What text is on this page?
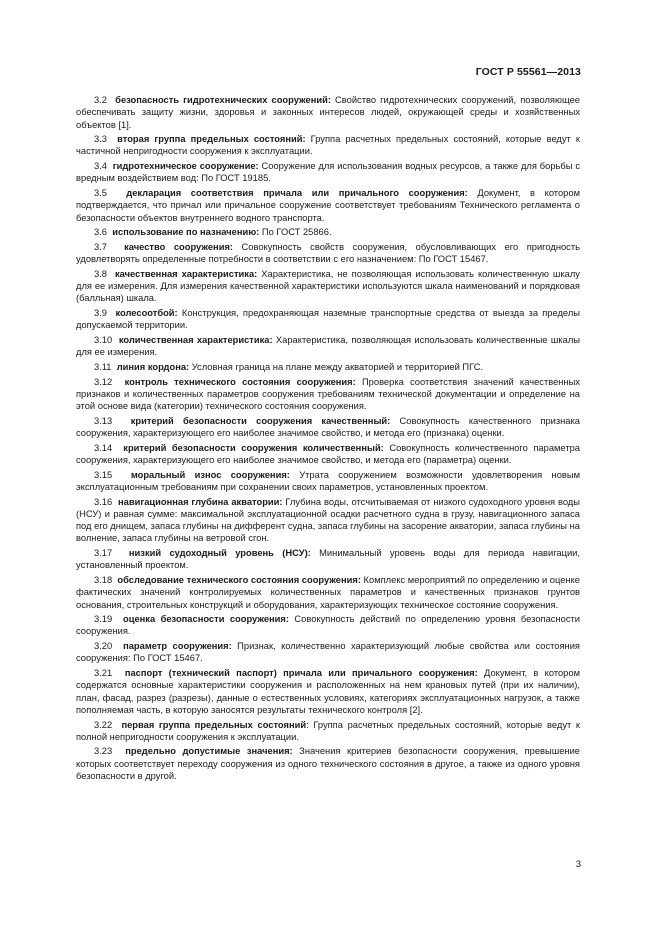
ГОСТ Р 55561—2013

3.2 безопасность гидротехнических сооружений: Свойство гидротехнических сооружений, позволяющее обеспечивать защиту жизни, здоровья и законных интересов людей, окружающей среды и хозяйственных объектов [1].

3.3 вторая группа предельных состояний: Группа расчетных предельных состояний, которые ведут к частичной непригодности сооружения к эксплуатации.

3.4 гидротехническое сооружение: Сооружение для использования водных ресурсов, а также для борьбы с вредным воздействием вод: По ГОСТ 19185.

3.5 декларация соответствия причала или причального сооружения: Документ, в котором подтверждается, что причал или причальное сооружение соответствует требованиям Технического регламента о безопасности объектов внутреннего водного транспорта.

3.6 использование по назначению: По ГОСТ 25866.

3.7 качество сооружения: Совокупность свойств сооружения, обусловливающих его пригодность удовлетворять определенные потребности в соответствии с его назначением: По ГОСТ 15467.

3.8 качественная характеристика: Характеристика, не позволяющая использовать количественную шкалу для ее измерения. Для измерения качественной характеристики используются шкала наименований и порядковая (балльная) шкала.

3.9 колесоотбой: Конструкция, предохраняющая наземные транспортные средства от выезда за пределы допускаемой территории.

3.10 количественная характеристика: Характеристика, позволяющая использовать количественные шкалы для ее измерения.

3.11 линия кордона: Условная граница на плане между акваторией и территорией ПГС.

3.12 контроль технического состояния сооружения: Проверка соответствия значений качественных признаков и количественных параметров сооружения требованиям технической документации и определение на этой основе вида (категории) технического состояния сооружения.

3.13 критерий безопасности сооружения качественный: Совокупность качественного признака сооружения, характеризующего его наиболее значимое свойство, и метода его (признака) оценки.

3.14 критерий безопасности сооружения количественный: Совокупность количественного параметра сооружения, характеризующего его наиболее значимое свойство, и метода его (параметра) оценки.

3.15 моральный износ сооружения: Утрата сооружением возможности удовлетворения новым эксплуатационным требованиям при сохранении своих параметров, установленных проектом.

3.16 навигационная глубина акватории: Глубина воды, отсчитываемая от низкого судоходного уровня воды (НСУ) и равная сумме: максимальной эксплуатационной осадки расчетного судна в грузу, навигационного запаса под его днищем, запаса глубины на дифферент судна, запаса глубины на засорение акватории, запаса глубины на волнение, запаса глубины на ветровой сгон.

3.17 низкий судоходный уровень (НСУ): Минимальный уровень воды для периода навигации, установленный проектом.

3.18 обследование технического состояния сооружения: Комплекс мероприятий по определению и оценке фактических значений контролируемых количественных параметров и качественных признаков грунтов основания, строительных конструкций и оборудования, характеризующих техническое состояние сооружения.

3.19 оценка безопасности сооружения: Совокупность действий по определению уровня безопасности сооружения.

3.20 параметр сооружения: Признак, количественно характеризующий любые свойства или состояния сооружения: По ГОСТ 15467.

3.21 паспорт (технический паспорт) причала или причального сооружения: Документ, в котором содержатся основные характеристики сооружения и расположенных на нем крановых путей (при их наличии), план, фасад, разрез (разрезы), данные о естественных условиях, категориях эксплуатационных нагрузок, а также пополняемая часть, в которую заносятся результаты технического контроля [2].

3.22 первая группа предельных состояний: Группа расчетных предельных состояний, которые ведут к полной непригодности сооружения к эксплуатации.

3.23 предельно допустимые значения: Значения критериев безопасности сооружения, превышение которых соответствует переходу сооружения из одного технического состояния в другое, а также из одного уровня безопасности в другой.

3
